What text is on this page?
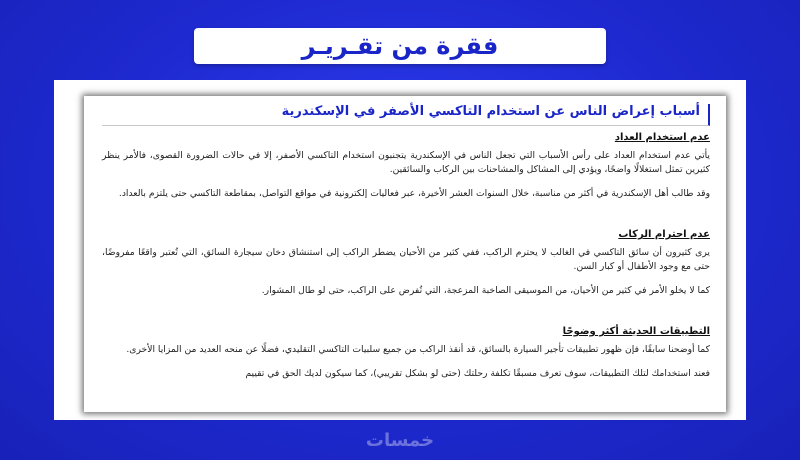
فقرة من تقـريـر
أسباب إعراض الناس عن استخدام التاكسي الأصفر في الإسكندرية
عدم استخدام العداد

يأتي عدم استخدام العداد على رأس الأسباب التي تجعل الناس في الإسكندرية يتجنبون استخدام التاكسي الأصفر، إلا في حالات الضرورة القصوى، فالأمر ينظر كثيرين تمثل استغلالًا واضحًا، ويؤدي إلى المشاكل والمشاحنات بين الركاب والسائقين.

وقد طالب أهل الإسكندرية في أكثر من مناسبة، خلال السنوات العشر الأخيرة، عبر فعاليات إلكترونية في مواقع التواصل، بمقاطعة التاكسي حتى يلتزم بالعداد.

عدم احترام الركاب

يرى كثيرون أن سائق التاكسي في الغالب لا يحترم الراكب، ففي كثير من الأحيان يضطر الراكب إلى استنشاق دخان سيجارة السائق، التي تُعتبر واقعًا مفروضًا، حتى مع وجود الأطفال أو كبار السن.

كما لا يخلو الأمر في كثير من الأحيان، من الموسيقى الصاخبة المزعجة، التي تُفرض على الراكب، حتى لو طال المشوار.

التطبيقات الحديثة أكثر وضوحًا

كما أوضحنا سابقًا، فإن ظهور تطبيقات تأجير السيارة بالسائق، قد أنقذ الراكب من جميع سلبيات التاكسي التقليدي، فضلًا عن منحه العديد من المزايا الأخرى.

فعند استخدامك لتلك التطبيقات، سوف تعرف مسبقًا تكلفة رحلتك (حتى لو بشكل تقريبي)، كما سيكون لديك الحق في تقييم

خمسات
